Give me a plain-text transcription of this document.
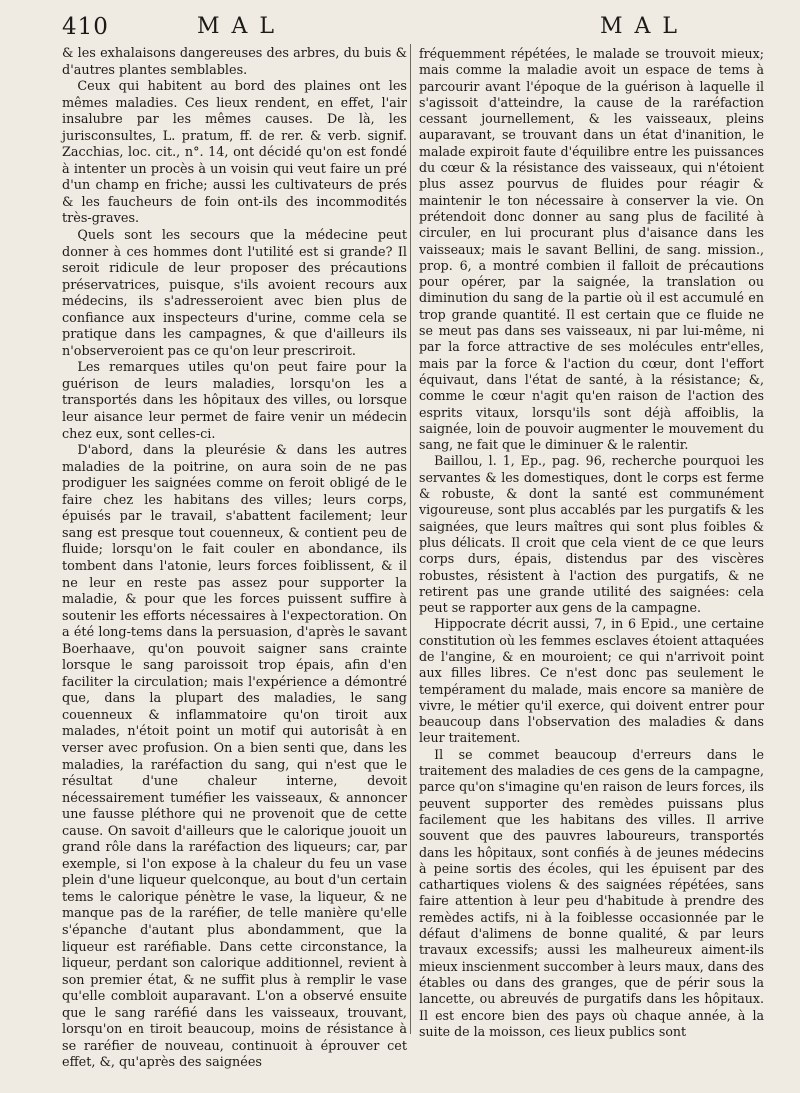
410	MAL	MAL

& les exhalaisons dangereuses des arbres, du buis & d'autres plantes semblables.

Ceux qui habitent au bord des plaines ont les mêmes maladies. Ces lieux rendent, en effet, l'air insalubre par les mêmes causes. De là, les jurisconsultes, L. pratum, ff. de rer. & verb. signif. Zacchias, loc. cit., n°. 14, ont décidé qu'on est fondé à intenter un procès à un voisin qui veut faire un pré d'un champ en friche; aussi les cultivateurs de prés & les faucheurs de foin ont-ils des incommodités très-graves.

Quels sont les secours que la médecine peut donner à ces hommes dont l'utilité est si grande? Il seroit ridicule de leur proposer des précautions préservatrices, puisque, s'ils avoient recours aux médecins, ils s'adresseroient avec bien plus de confiance aux inspecteurs d'urine, comme cela se pratique dans les campagnes, & que d'ailleurs ils n'observeroient pas ce qu'on leur prescriroit.

Les remarques utiles qu'on peut faire pour la guérison de leurs maladies, lorsqu'on les a transportés dans les hôpitaux des villes, ou lorsque leur aisance leur permet de faire venir un médecin chez eux, sont celles-ci.

D'abord, dans la pleurésie & dans les autres maladies de la poitrine, on aura soin de ne pas prodiguer les saignées comme on feroit obligé de le faire chez les habitans des villes; leurs corps, épuisés par le travail, s'abattent facilement; leur sang est presque tout couenneux, & contient peu de fluide; lorsqu'on le fait couler en abondance, ils tombent dans l'atonie, leurs forces foiblissent, & il ne leur en reste pas assez pour supporter la maladie, & pour que les forces puissent suffire à soutenir les efforts nécessaires à l'expectoration. On a été long-tems dans la persuasion, d'après le savant Boerhaave, qu'on pouvoit saigner sans crainte lorsque le sang paroissoit trop épais, afin d'en faciliter la circulation; mais l'expérience a démontré que, dans la plupart des maladies, le sang couenneux & inflammatoire qu'on tiroit aux malades, n'étoit point un motif qui autorisât à en verser avec profusion. On a bien senti que, dans les maladies, la raréfaction du sang, qui n'est que le résultat d'une chaleur interne, devoit nécessairement tuméfier les vaisseaux, & annoncer une fausse pléthore qui ne provenoit que de cette cause. On savoit d'ailleurs que le calorique jouoit un grand rôle dans la raréfaction des liqueurs; car, par exemple, si l'on expose à la chaleur du feu un vase plein d'une liqueur quelconque, au bout d'un certain tems le calorique pénètre le vase, la liqueur, & ne manque pas de la raréfier, de telle manière qu'elle s'épanche d'autant plus abondamment, que la liqueur est raréfiable. Dans cette circonstance, la liqueur, perdant son calorique additionnel, revient à son premier état, & ne suffit plus à remplir le vase qu'elle combloit auparavant. L'on a observé ensuite que le sang raréfié dans les vaisseaux, trouvant, lorsqu'on en tiroit beaucoup, moins de résistance à se raréfier de nouveau, continuoit à éprouver cet effet, &, qu'après des saignées

fréquemment répétées, le malade se trouvoit mieux; mais comme la maladie avoit un espace de tems à parcourir avant l'époque de la guérison à laquelle il s'agissoit d'atteindre, la cause de la raréfaction cessant journellement, & les vaisseaux, pleins auparavant, se trouvant dans un état d'inanition, le malade expiroit faute d'équilibre entre les puissances du cœur & la résistance des vaisseaux, qui n'étoient plus assez pourvus de fluides pour réagir & maintenir le ton nécessaire à conserver la vie. On prétendoit donc donner au sang plus de facilité à circuler, en lui procurant plus d'aisance dans les vaisseaux; mais le savant Bellini, de sang. mission., prop. 6, a montré combien il falloit de précautions pour opérer, par la saignée, la translation ou diminution du sang de la partie où il est accumulé en trop grande quantité. Il est certain que ce fluide ne se meut pas dans ses vaisseaux, ni par lui-même, ni par la force attractive de ses molécules entr'elles, mais par la force & l'action du cœur, dont l'effort équivaut, dans l'état de santé, à la résistance; &, comme le cœur n'agit qu'en raison de l'action des esprits vitaux, lorsqu'ils sont déjà affoiblis, la saignée, loin de pouvoir augmenter le mouvement du sang, ne fait que le diminuer & le ralentir.

Baillou, l. 1, Ep., pag. 96, recherche pourquoi les servantes & les domestiques, dont le corps est ferme & robuste, & dont la santé est communément vigoureuse, sont plus accablés par les purgatifs & les saignées, que leurs maîtres qui sont plus foibles & plus délicats. Il croit que cela vient de ce que leurs corps durs, épais, distendus par des viscères robustes, résistent à l'action des purgatifs, & ne retirent pas une grande utilité des saignées: cela peut se rapporter aux gens de la campagne.

Hippocrate décrit aussi, 7, in 6 Epid., une certaine constitution où les femmes esclaves étoient attaquées de l'angine, & en mouroient; ce qui n'arrivoit point aux filles libres. Ce n'est donc pas seulement le tempérament du malade, mais encore sa manière de vivre, le métier qu'il exerce, qui doivent entrer pour beaucoup dans l'observation des maladies & dans leur traitement.

Il se commet beaucoup d'erreurs dans le traitement des maladies de ces gens de la campagne, parce qu'on s'imagine qu'en raison de leurs forces, ils peuvent supporter des remèdes puissans plus facilement que les habitans des villes. Il arrive souvent que des pauvres laboureurs, transportés dans les hôpitaux, sont confiés à de jeunes médecins à peine sortis des écoles, qui les épuisent par des cathartiques violens & des saignées répétées, sans faire attention à leur peu d'habitude à prendre des remèdes actifs, ni à la foiblesse occasionnée par le défaut d'alimens de bonne qualité, & par leurs travaux excessifs; aussi les malheureux aiment-ils mieux inscienment succomber à leurs maux, dans des étables ou dans des granges, que de périr sous la lancette, ou abreuvés de purgatifs dans les hôpitaux. Il est encore bien des pays où chaque année, à la suite de la moisson, ces lieux publics sont
